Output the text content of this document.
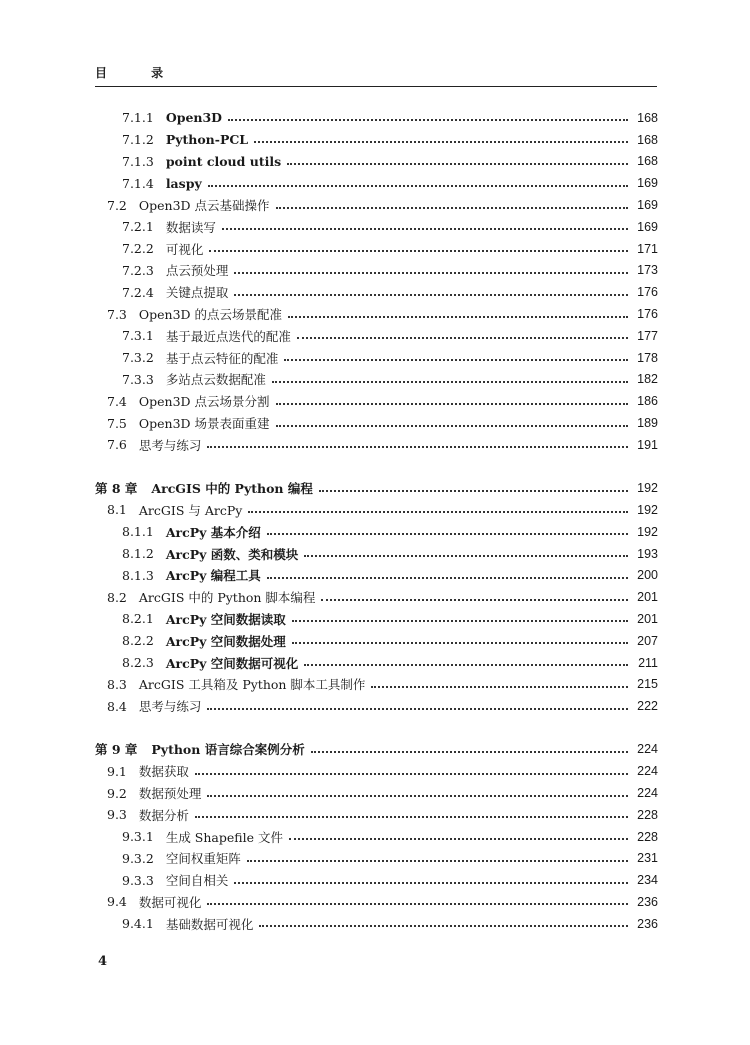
目 录
7.1.1 Open3D	168
7.1.2 Python-PCL	168
7.1.3 point cloud utils	168
7.1.4 laspy	169
7.2 Open3D 点云基础操作	169
7.2.1 数据读写	169
7.2.2 可视化	171
7.2.3 点云预处理	173
7.2.4 关键点提取	176
7.3 Open3D 的点云场景配准	176
7.3.1 基于最近点迭代的配准	177
7.3.2 基于点云特征的配准	178
7.3.3 多站点云数据配准	182
7.4 Open3D 点云场景分割	186
7.5 Open3D 场景表面重建	189
7.6 思考与练习	191
第 8 章 ArcGIS 中的 Python 编程	192
8.1 ArcGIS 与 ArcPy	192
8.1.1 ArcPy 基本介绍	192
8.1.2 ArcPy 函数、类和模块	193
8.1.3 ArcPy 编程工具	200
8.2 ArcGIS 中的 Python 脚本编程	201
8.2.1 ArcPy 空间数据读取	201
8.2.2 ArcPy 空间数据处理	207
8.2.3 ArcPy 空间数据可视化	211
8.3 ArcGIS 工具箱及 Python 脚本工具制作	215
8.4 思考与练习	222
第 9 章 Python 语言综合案例分析	224
9.1 数据获取	224
9.2 数据预处理	224
9.3 数据分析	228
9.3.1 生成 Shapefile 文件	228
9.3.2 空间权重矩阵	231
9.3.3 空间自相关	234
9.4 数据可视化	236
9.4.1 基础数据可视化	236
4
